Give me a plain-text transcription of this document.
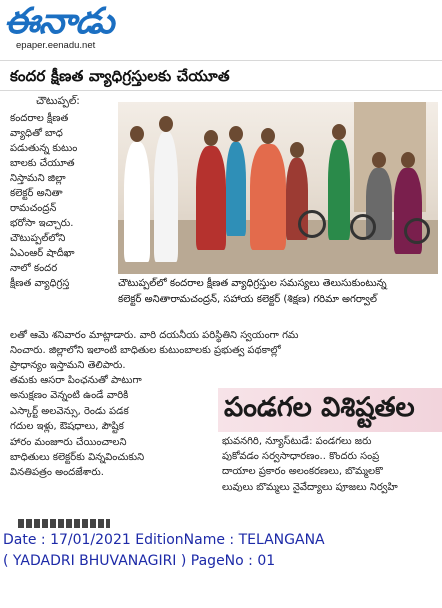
ఈనాడు
epaper.eenadu.net
కందర క్షీణత వ్యాధిగ్రస్తులకు చేయూత
చౌటుప్పల్:
కందరాల క్షీణత
వ్యాధితో బాధ
పడుతున్న కుటుం
బాలకు చేయూత
నిస్తామని జిల్లా
కలెక్టర్ అనితా
రామచంద్రన్
భరోసా ఇచ్చారు.
చౌటుప్పల్‌లోని
ఏఎంఆర్ షాదీఖా
నాలో కందర
క్షీణత వ్యాధిగ్రస్త	చౌటుప్పల్‌లో కందరాల క్షీణత వ్యాధిగ్రస్తుల సమస్యలు తెలుసుకుంటున్న
కలెక్టర్ అనితారామచంద్రన్, సహాయ కలెక్టర్ (శిక్షణ) గరిమా అగర్వాల్
లతో ఆమె శనివారం మాట్లాడారు. వారి దయనీయ పరిస్థితిని స్వయంగా గమ
నించారు. జిల్లాలోని ఇలాంటి బాధితుల కుటుంబాలకు ప్రభుత్వ పథకాల్లో
ప్రాధాన్యం ఇస్తామని తెలిపారు.
తమకు ఆసరా పింఛనుతో పాటుగా
అనుక్షణం వెన్నంటి ఉండే వారికి
ఎస్కార్ట్ అలవెన్సు, రెండు పడక
గదుల ఇళ్లు, ఔషధాలు, పౌష్టిక
హారం మంజూరు చేయించాలని
బాధితులు కలెక్టర్‌కు విన్నవించుకుని
వినతిపత్రం అందజేశారు.
పండగల విశిష్టతల
భువనగిరి, న్యూస్‌టుడే: పండగలు జరు
పుకోవడం సర్వసాధారణం.. కొందరు సంప్ర
దాయాల ప్రకారం అలంకరణలు, బొమ్మలకొ
లువులు బొమ్మలు నైవేద్యాలు పూజలు నిర్వహి
Date : 17/01/2021 EditionName : TELANGANA
( YADADRI BHUVANAGIRI ) PageNo : 01
